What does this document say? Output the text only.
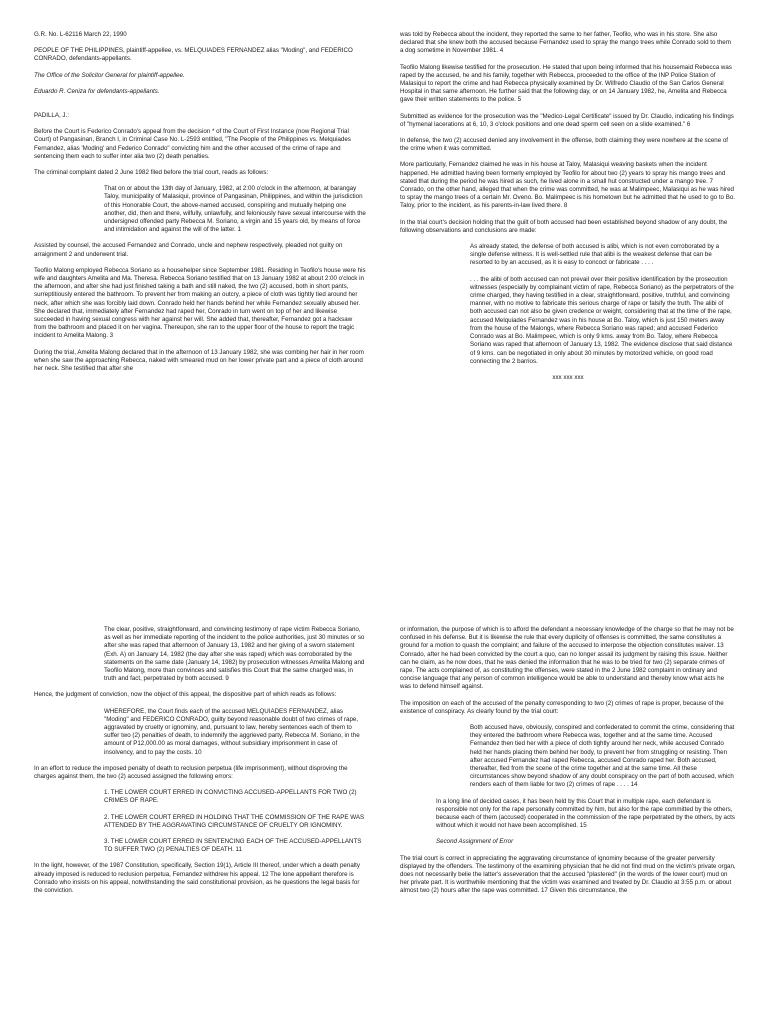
G.R. No. L-62116 March 22, 1990

PEOPLE OF THE PHILIPPINES, plaintiff-appellee, vs. MELQUIADES FERNANDEZ alias "Moding", and FEDERICO CONRADO, defendants-appellants.

The Office of the Solicitor General for plaintiff-appellee.

Eduardo R. Ceniza for defendants-appellants.

PADILLA, J.:

Before the Court is Federico Conrado's appeal from the decision * of the Court of First Instance (now Regional Trial Court) of Pangasinan, Branch I, in Criminal Case No. L-2593 entitled, "The People of the Philippines vs. Melquiades Fernandez, alias 'Moding' and Federico Conrado" convicting him and the other accused of the crime of rape and sentencing them each to suffer inter alia two (2) death penalties.

The criminal complaint dated 2 June 1982 filed before the trial court, reads as follows:

That on or about the 13th day of January, 1982, at 2:00 o'clock in the afternoon, at barangay Taloy, municipality of Malasiqui, province of Pangasinan, Philippines, and within the jurisdiction of this Honorable Court, the above-named accused, conspiring and mutually helping one another, did, then and there, wilfully, unlawfully, and feloniously have sexual intercourse with the undersigned offended party Rebecca M. Soriano, a virgin and 15 years old, by means of force and intimidation and against the will of the latter. 1

Assisted by counsel, the accused Fernandez and Conrado, uncle and nephew respectively, pleaded not guilty on arraignment 2 and underwent trial.

Teofilo Malong employed Rebecca Soriano as a househelper since September 1981. Residing in Teofilo's house were his wife and daughters Amelita and Ma. Theresa. Rebecca Soriano testified that on 13 January 1982 at about 2:00 o'clock in the afternoon, and after she had just finished taking a bath and still naked, the two (2) accused, both in short pants, surreptitiously entered the bathroom. To prevent her from making an outcry, a piece of cloth was tightly tied around her neck, after which she was forcibly laid down. Conrado held her hands behind her while Fernandez sexually abused her. She declared that, immediately after Fernandez had raped her, Conrado in turn went on top of her and likewise succeeded in having sexual congress with her against her will. She added that, thereafter, Fernandez got a hacksaw from the bathroom and placed it on her vagina. Thereupon, she ran to the upper floor of the house to report the tragic incident to Amelita Malong. 3

During the trial, Amelita Malong declared that in the afternoon of 13 January 1982, she was combing her hair in her room when she saw the approaching Rebecca, naked with smeared mud on her lower private part and a piece of cloth around her neck. She testified that after she

was told by Rebecca about the incident, they reported the same to her father, Teofilo, who was in his store. She also declared that she knew both the accused because Fernandez used to spray the mango trees while Conrado sold to them a dog sometime in November 1981. 4

Teofilo Malong likewise testified for the prosecution. He stated that upon being informed that his housemaid Rebecca was raped by the accused, he and his family, together with Rebecca, proceeded to the office of the INP Police Station of Malasiqui to report the crime and had Rebecca physically examined by Dr. Wilfredo Claudio of the San Carlos General Hospital in that same afternoon. He further said that the following day, or on 14 January 1982, he, Amelita and Rebecca gave their written statements to the police. 5

Submitted as evidence for the prosecution was the "Medico-Legal Certificate" issued by Dr. Claudio, indicating his findings of "hymenal lacerations at 6, 10, 3 o'clock positions and one dead sperm cell seen on a slide examined." 6

In defense, the two (2) accused denied any involvement in the offense, both claiming they were nowhere at the scene of the crime when it was committed.

More particularly, Fernandez claimed he was in his house at Taloy, Malasiqui weaving baskets when the incident happened. He admitted having been formerly employed by Teofilo for about two (2) years to spray his mango trees and stated that during the period he was hired as such, he lived alone in a small hut constructed under a mango tree. 7 Conrado, on the other hand, alleged that when the crime was committed, he was at Malimpeec, Malasiqui as he was hired to spray the mango trees of a certain Mr. Oveno. Bo. Malimpeec is his hometown but he admitted that he used to go to Bo. Taloy, prior to the incident, as his parents-in-law lived there. 8

In the trial court's decision holding that the guilt of both accused had been established beyond shadow of any doubt, the following observations and conclusions are made:

As already stated, the defense of both accused is alibi, which is not even corroborated by a single defense witness. It is well-settled rule that alibi is the weakest defense that can be resorted to by an accused, as it is easy to concoct or fabricate . . . .

. . . the alibi of both accused can not prevail over their positive identification by the prosecution witnesses (especially by complainant victim of rape, Rebecca Soriano) as the perpetrators of the crime charged, they having testified in a clear, straightforward, positive, truthful, and convincing manner, with no motive to fabricate this serious charge of rape or falsify the truth. The alibi of both accused can not also be given credence or weight, considering that at the time of the rape, accused Melquiades Fernandez was in his house at Bo. Taloy, which is just 150 meters away from the house of the Malongs, where Rebecca Soriano was raped; and accused Federico Conrado was at Bo. Malimpeec, which is only 9 kms. away from Bo. Taloy, where Rebecca Soriano was raped that afternoon of January 13, 1982. The evidence disclose that said distance of 9 kms. can be negotiated in only about 30 minutes by motorized vehicle, on good road connecting the 2 barrios.

xxx xxx xxx

The clear, positive, straightforward, and convincing testimony of rape victim Rebecca Soriano, as well as her immediate reporting of the incident to the police authorities, just 30 minutes or so after she was raped that afternoon of January 13, 1982 and her giving of a sworn statement (Exh. A) on January 14, 1982 (the day after she was raped) which was corroborated by the statements on the same date (January 14, 1982) by prosecution witnesses Amelita Malong and Teofilo Malong, more than convinces and satisfies this Court that the same charged was, in truth and fact, perpetrated by both accused. 9

Hence, the judgment of conviction, now the object of this appeal, the dispositive part of which reads as follows:

WHEREFORE, the Court finds each of the accused MELQUIADES FERNANDEZ, alias "Moding" and FEDERICO CONRADO, guilty beyond reasonable doubt of two crimes of rape, aggravated by cruelty or ignominy, and, pursuant to law, hereby sentences each of them to suffer two (2) penalties of death, to indemnify the aggrieved party, Rebecca M. Soriano, in the amount of P12,000.00 as moral damages, without subsidiary imprisonment in case of insolvency, and to pay the costs. 10

In an effort to reduce the imposed penalty of death to reclusion perpetua (life imprisonment), without disproving the charges against them, the two (2) accused assigned the following errors:

1. THE LOWER COURT ERRED IN CONVICTING ACCUSED-APPELLANTS FOR TWO (2) CRIMES OF RAPE.

2. THE LOWER COURT ERRED IN HOLDING THAT THE COMMISSION OF THE RAPE WAS ATTENDED BY THE AGGRAVATING CIRCUMSTANCE OF CRUELTY OR IGNOMINY.

3. THE LOWER COURT ERRED IN SENTENCING EACH OF THE ACCUSED-APPELLANTS TO SUFFER TWO (2) PENALTIES OF DEATH. 11

In the light, however, of the 1987 Constitution, specifically, Section 19(1), Article III thereof, under which a death penalty already imposed is reduced to reclusion perpetua, Fernandez withdrew his appeal. 12 The lone appellant therefore is Conrado who insists on his appeal, notwithstanding the said constitutional provision, as he questions the legal basis for the conviction.

or information, the purpose of which is to afford the defendant a necessary knowledge of the charge so that he may not be confused in his defense. But it is likewise the rule that every duplicity of offenses is committed, the same constitutes a ground for a motion to quash the complaint; and failure of the accused to interpose the objection constitutes waiver. 13 Conrado, after he had been convicted by the court a quo, can no longer assail its judgment by raising this issue. Neither can he claim, as he now does, that he was denied the information that he was to be tried for two (2) separate crimes of rape. The acts complained of, as constituting the offenses, were stated in the 2 June 1982 complaint in ordinary and concise language that any person of common intelligence would be able to understand and thereby know what acts he was to defend himself against.

The imposition on each of the accused of the penalty corresponding to two (2) crimes of rape is proper, because of the existence of conspiracy. As clearly found by the trial court:

Both accused have, obviously, conspired and confederated to commit the crime, considering that they entered the bathroom where Rebecca was, together and at the same time. Accused Fernandez then tied her with a piece of cloth tightly around her neck, while accused Conrado held her hands placing them behind her body, to prevent her from struggling or resisting. Then after accused Fernandez had raped Rebecca, accused Conrado raped her. Both accused, thereafter, fled from the scene of the crime together and at the same time. All these circumstances show beyond shadow of any doubt conspiracy on the part of both accused, which renders each of them liable for two (2) crimes of rape . . . . 14

In a long line of decided cases, it has been held by this Court that in multiple rape, each defendant is responsible not only for the rape personally committed by him, but also for the rape committed by the others, because each of them (accused) cooperated in the commission of the rape perpetrated by the others, by acts without which it would not have been accomplished. 15

Second Assignment of Error

The trial court is correct in appreciating the aggravating circumstance of ignominy because of the greater perversity displayed by the offenders. The testimony of the examining physician that he did not find mud on the victim's private organ, does not necessarily belie the latter's asseveration that the accused "plastered" (in the words of the lower court) mud on her private part. It is worthwhile mentioning that the victim was examined and treated by Dr. Claudio at 3:55 p.m. or about almost two (2) hours after the rape was committed. 17 Given this circumstance, the
